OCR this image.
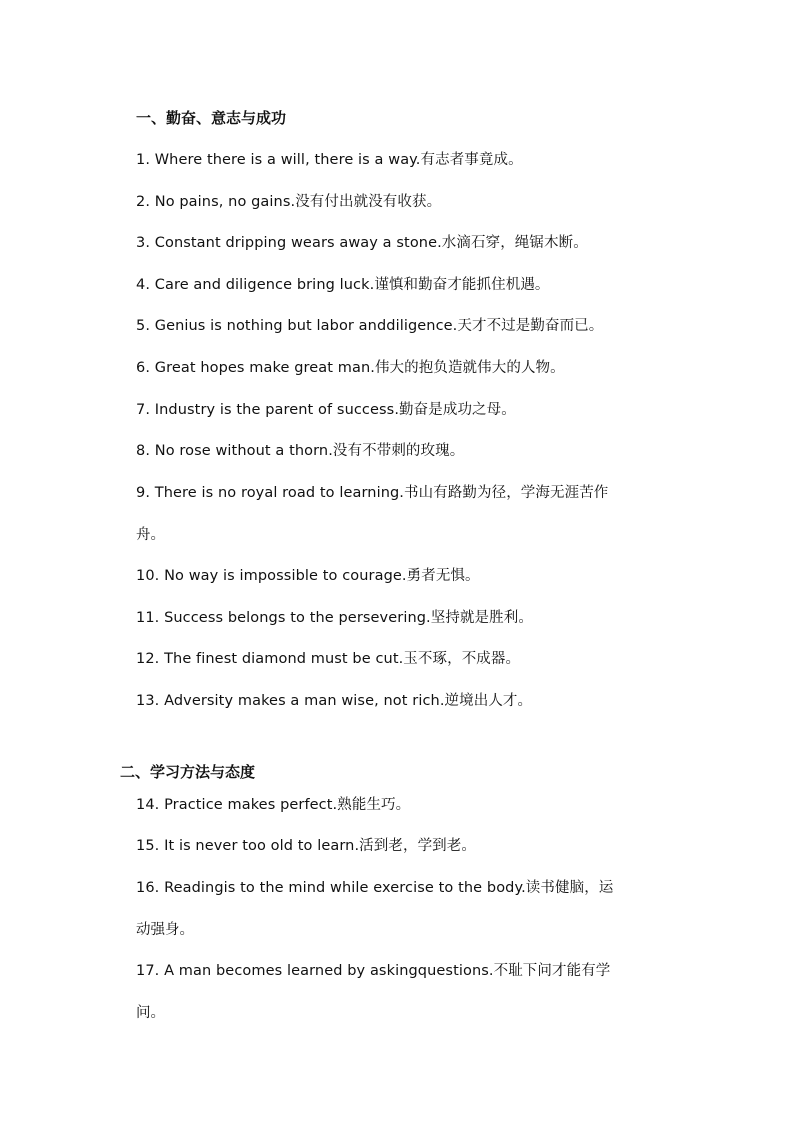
一、勤奋、意志与成功
1. Where there is a will, there is a way.有志者事竟成。
2. No pains, no gains.没有付出就没有收获。
3. Constant dripping wears away a stone.水滴石穿，绳锯木断。
4. Care and diligence bring luck.谨慎和勤奋才能抓住机遇。
5. Genius is nothing but labor anddiligence.天才不过是勤奋而已。
6. Great hopes make great man.伟大的抱负造就伟大的人物。
7. Industry is the parent of success.勤奋是成功之母。
8. No rose without a thorn.没有不带刺的玫瑰。
9. There is no royal road to learning.书山有路勤为径，学海无涯苦作
舟。
10. No way is impossible to courage.勇者无惧。
11. Success belongs to the persevering.坚持就是胜利。
12. The finest diamond must be cut.玉不琢，不成器。
13. Adversity makes a man wise, not rich.逆境出人才。
二、学习方法与态度
14. Practice makes perfect.熟能生巧。
15. It is never too old to learn.活到老，学到老。
16. Readingis to the mind while exercise to the body.读书健脑，运
动强身。
17. A man becomes learned by askingquestions.不耻下问才能有学
问。
